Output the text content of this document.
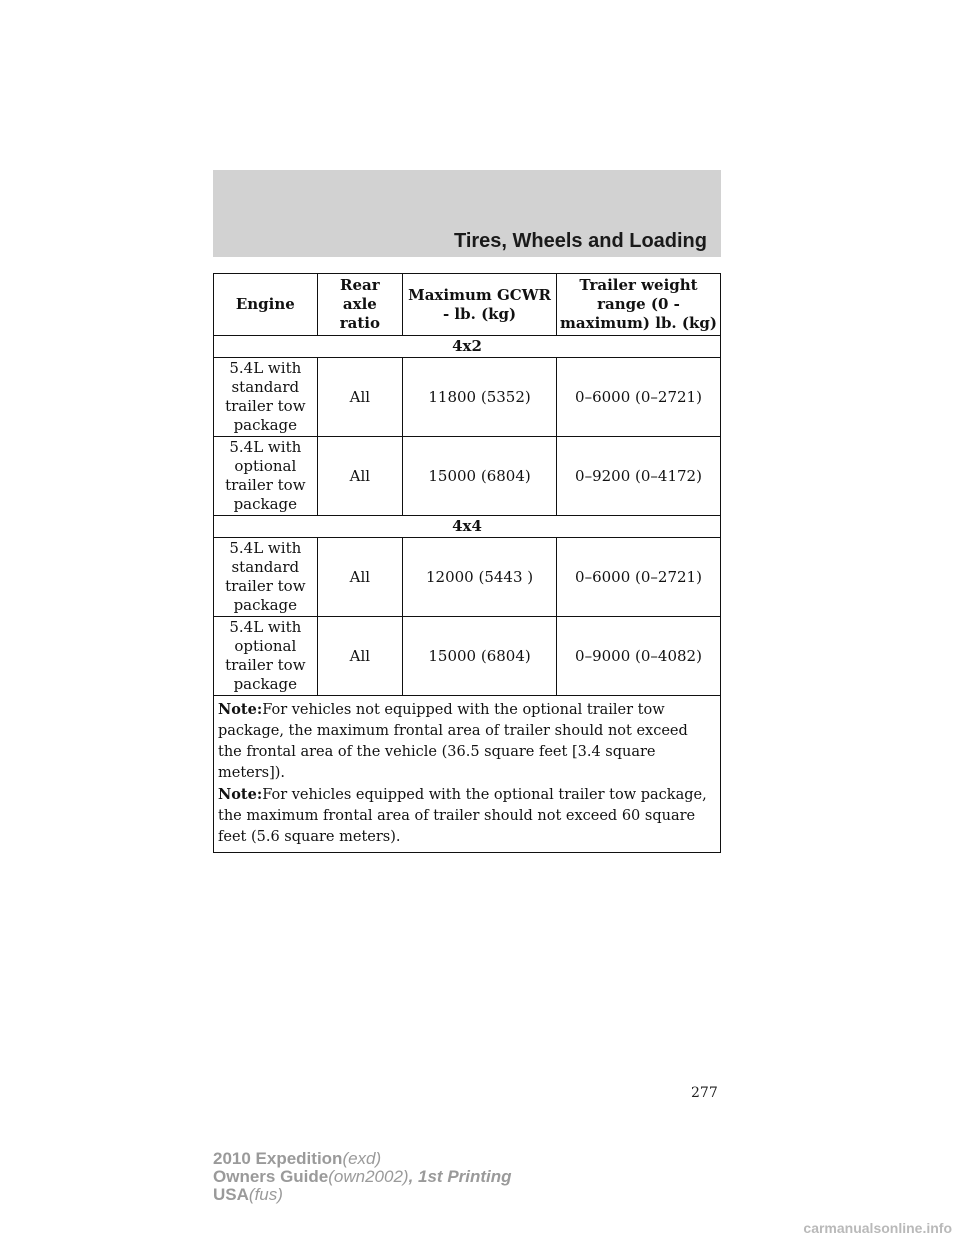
Tires, Wheels and Loading
Engine	Rear axle ratio	Maximum GCWR - lb. (kg)	Trailer weight range (0 - maximum) lb. (kg)
4x2			
5.4L with standard trailer tow package	All	11800 (5352)	0–6000 (0–2721)
5.4L with optional trailer tow package	All	15000 (6804)	0–9200 (0–4172)
4x4			
5.4L with standard trailer tow package	All	12000 (5443 )	0–6000 (0–2721)
5.4L with optional trailer tow package	All	15000 (6804)	0–9000 (0–4082)

Note:For vehicles not equipped with the optional trailer tow package, the maximum frontal area of trailer should not exceed the frontal area of the vehicle (36.5 square feet [3.4 square meters]).
Note:For vehicles equipped with the optional trailer tow package, the maximum frontal area of trailer should not exceed 60 square feet (5.6 square meters).			
277
2010 Expedition(exd)
Owners Guide(own2002), 1st Printing
USA(fus)
carmanualsonline.info
